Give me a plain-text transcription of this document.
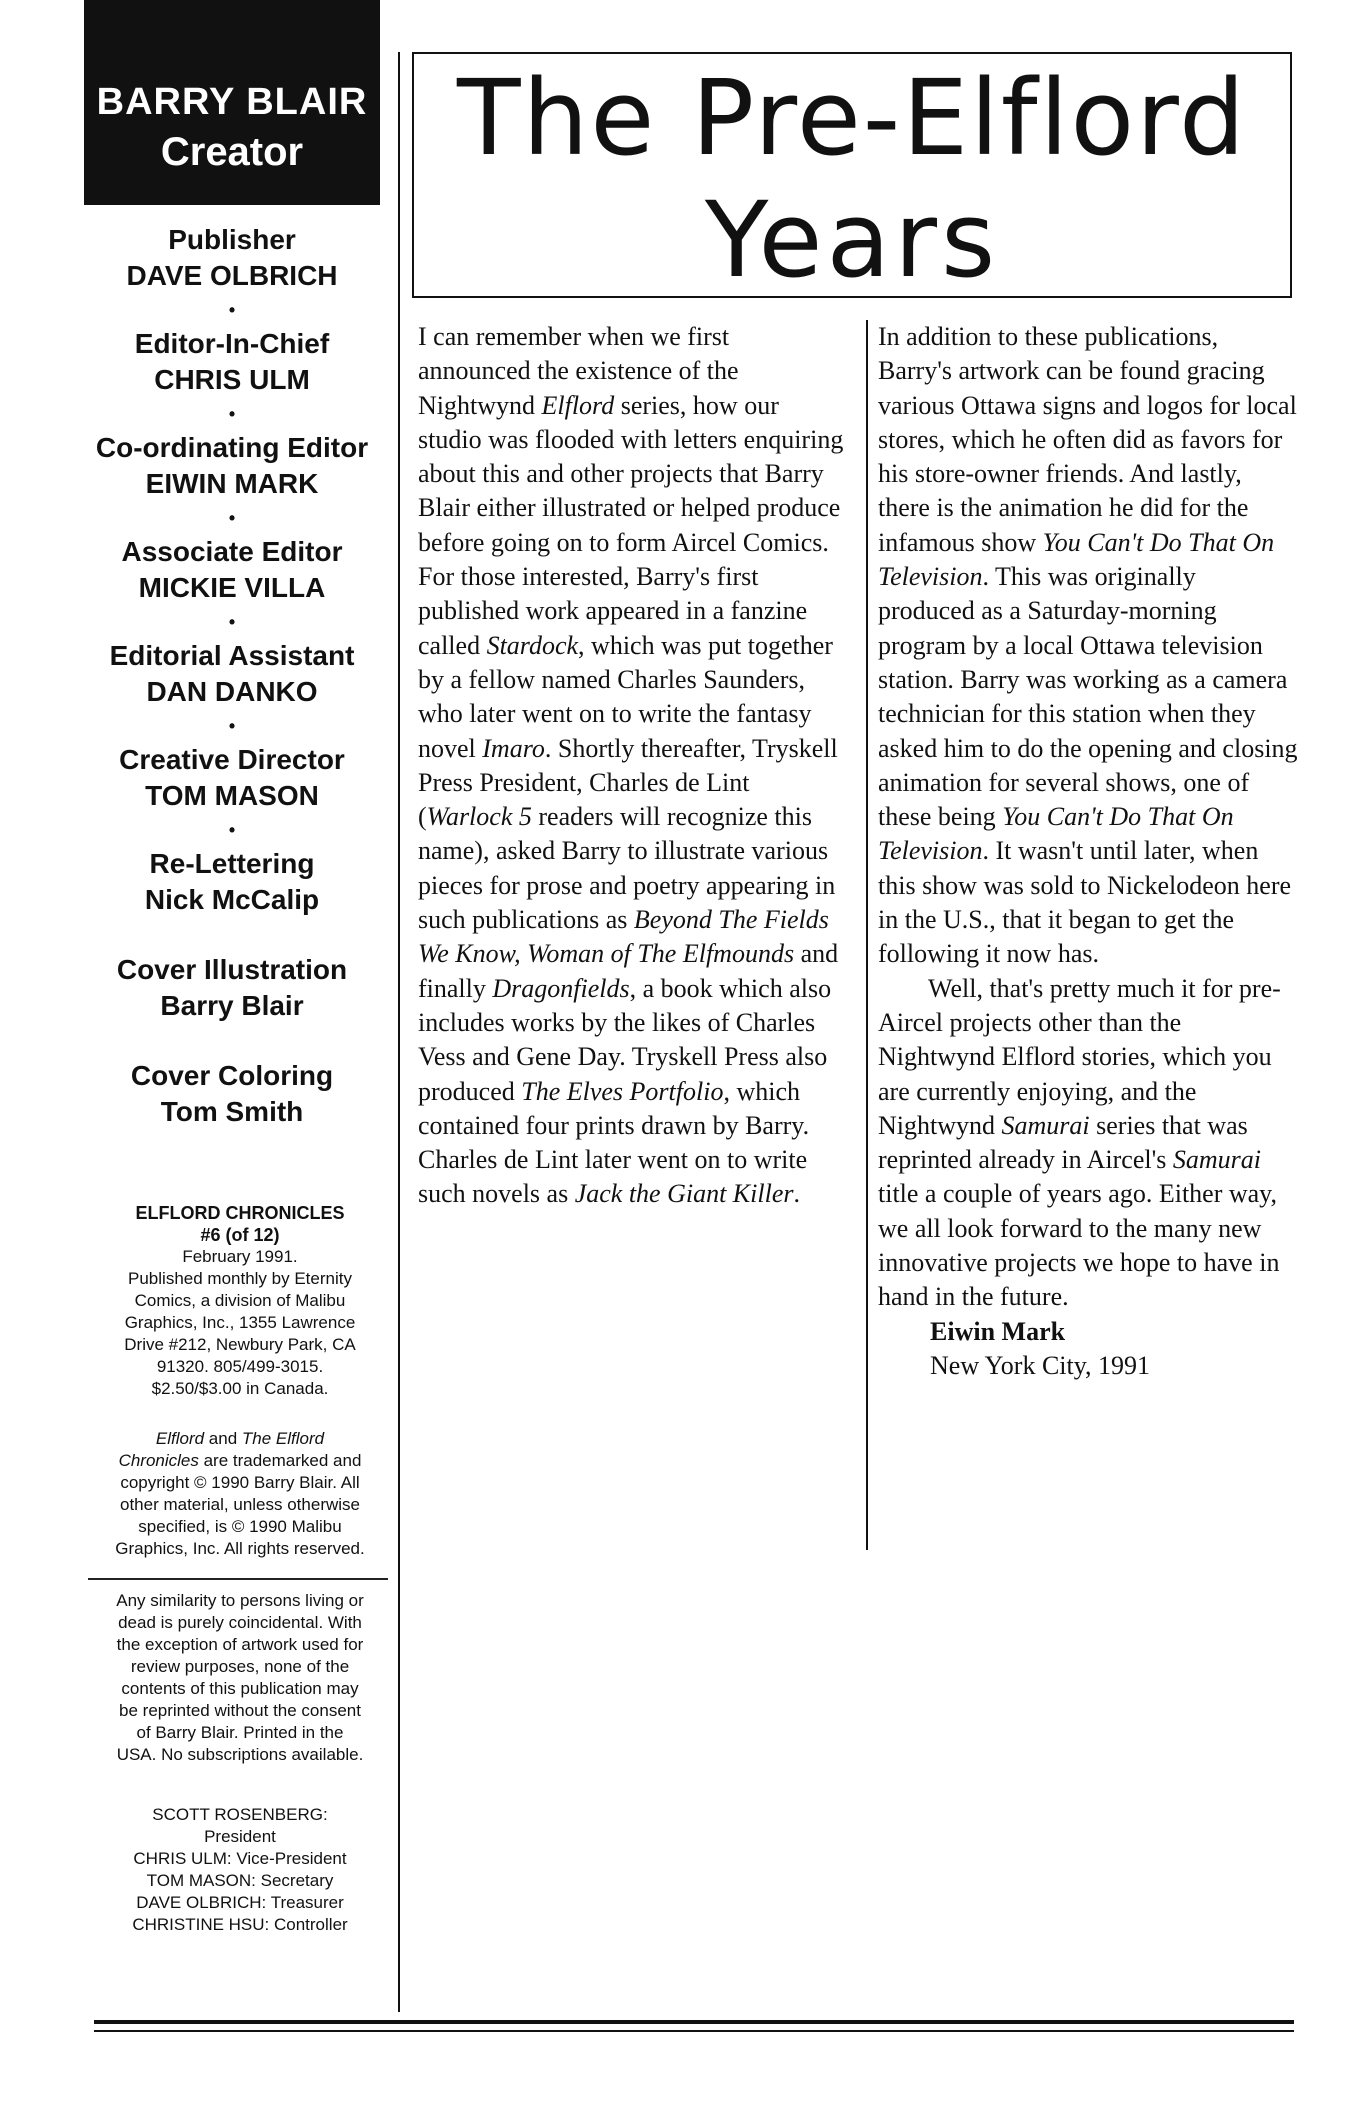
BARRY BLAIR
Creator
Publisher
DAVE OLBRICH
•
Editor-In-Chief
CHRIS ULM
•
Co-ordinating Editor
EIWIN MARK
•
Associate Editor
MICKIE VILLA
•
Editorial Assistant
DAN DANKO
•
Creative Director
TOM MASON
•
Re-Lettering
Nick McCalip
Cover Illustration
Barry Blair
Cover Coloring
Tom Smith
ELFLORD CHRONICLES
#6 (of 12)
February 1991.
Published monthly by Eternity
Comics, a division of Malibu
Graphics, Inc., 1355 Lawrence
Drive #212, Newbury Park, CA
91320. 805/499-3015.
$2.50/$3.00 in Canada.
Elflord and The Elflord
Chronicles are trademarked and
copyright © 1990 Barry Blair. All
other material, unless otherwise
specified, is © 1990 Malibu
Graphics, Inc. All rights reserved.
Any similarity to persons living or
dead is purely coincidental. With
the exception of artwork used for
review purposes, none of the
contents of this publication may
be reprinted without the consent
of Barry Blair. Printed in the
USA. No subscriptions available.
SCOTT ROSENBERG:
President
CHRIS ULM: Vice-President
TOM MASON: Secretary
DAVE OLBRICH: Treasurer
CHRISTINE HSU: Controller
The Pre-Elflord
Years

I can remember when we first announced the existence of the Nightwynd Elflord series, how our studio was flooded with letters enquiring about this and other projects that Barry Blair either illustrated or helped produce before going on to form Aircel Comics. For those interested, Barry's first published work appeared in a fanzine called Stardock, which was put together by a fellow named Charles Saunders, who later went on to write the fantasy novel Imaro. Shortly thereafter, Tryskell Press President, Charles de Lint (Warlock 5 readers will recognize this name), asked Barry to illustrate various pieces for prose and poetry appearing in such publications as Beyond The Fields We Know, Woman of The Elfmounds and finally Dragonfields, a book which also includes works by the likes of Charles Vess and Gene Day. Tryskell Press also produced The Elves Portfolio, which contained four prints drawn by Barry. Charles de Lint later went on to write such novels as Jack the Giant Killer.

In addition to these publications, Barry's artwork can be found gracing various Ottawa signs and logos for local stores, which he often did as favors for his store-owner friends. And lastly, there is the animation he did for the infamous show You Can't Do That On Television. This was originally produced as a Saturday-morning program by a local Ottawa television station. Barry was working as a camera technician for this station when they asked him to do the opening and closing animation for several shows, one of these being You Can't Do That On Television. It wasn't until later, when this show was sold to Nickelodeon here in the U.S., that it began to get the following it now has.

Well, that's pretty much it for pre-Aircel projects other than the Nightwynd Elflord stories, which you are currently enjoying, and the Nightwynd Samurai series that was reprinted already in Aircel's Samurai title a couple of years ago. Either way, we all look forward to the many new innovative projects we hope to have in hand in the future.

Eiwin Mark
New York City, 1991
